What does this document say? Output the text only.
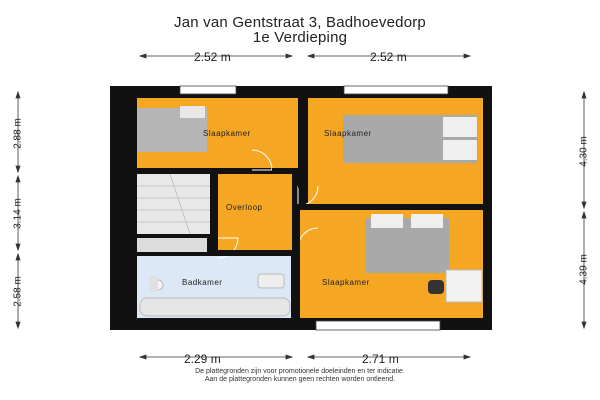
Jan van Gentstraat 3, Badhoevedorp
1e Verdieping
Slaapkamer	Slaapkamer
Overloop
Badkamer	Slaapkamer
2.52 m	2.52 m
2.29 m	2.71 m
2.88 m
3.14 m
2.58 m
4.30 m
4.39 m
De plattegronden zijn voor promotionele doeleinden en ter indicatie.
Aan de plattegronden kunnen geen rechten worden ontleend.
